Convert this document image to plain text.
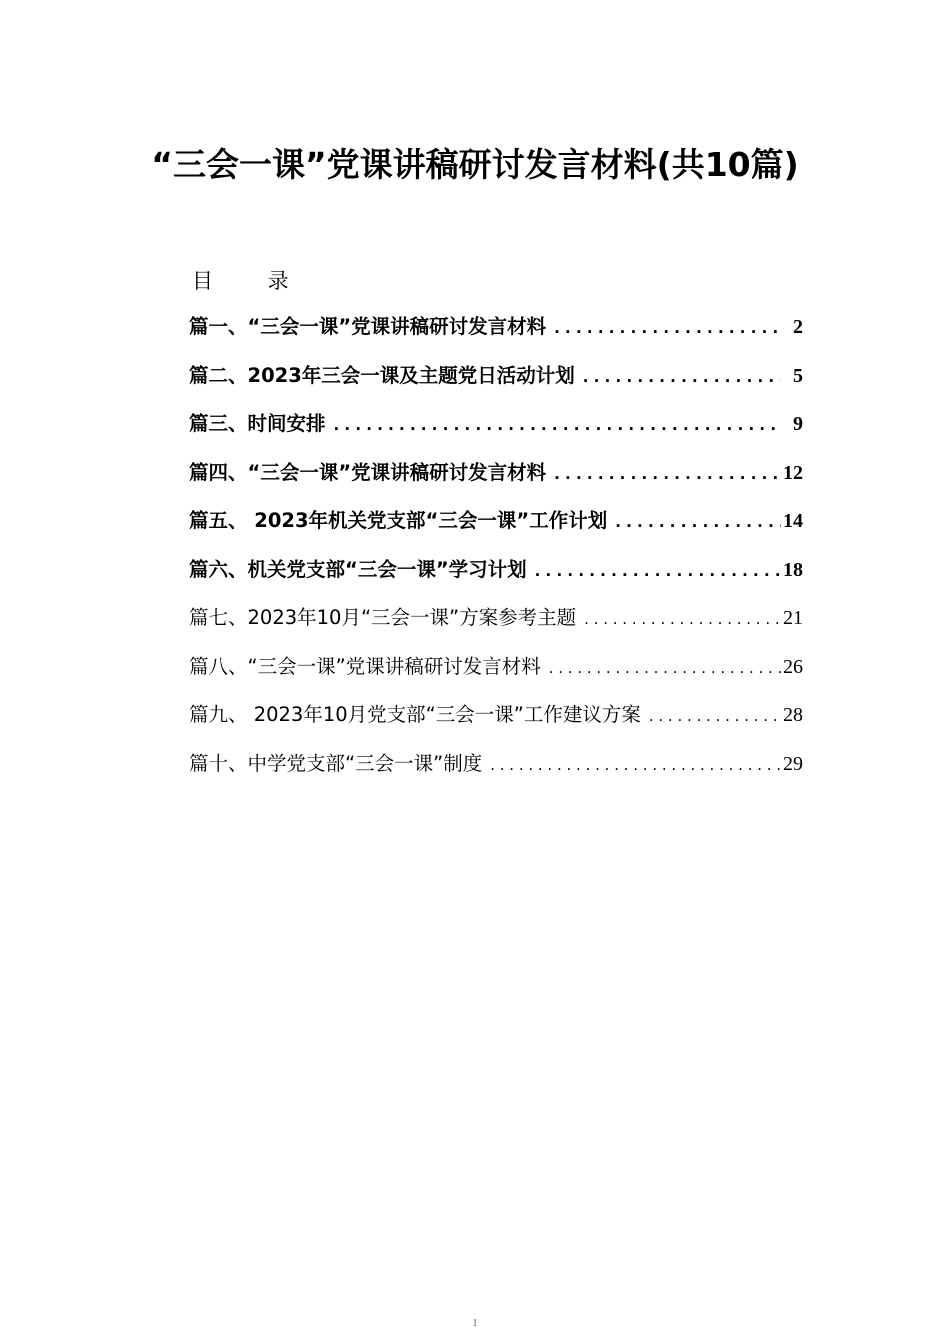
“三会一课”党课讲稿研讨发言材料(共10篇)
目 录
篇一、“三会一课”党课讲稿研讨发言材料 . . .	2
篇二、2023年三会一课及主题党日活动计划 . . .	5
篇三、时间安排 . . .	9
篇四、“三会一课”党课讲稿研讨发言材料 . . .	12
篇五、 2023年机关党支部“三会一课”工作计划 . . .	14
篇六、机关党支部“三会一课”学习计划 . . .	18
篇七、2023年10月“三会一课”方案参考主题 . . .	21
篇八、“三会一课”党课讲稿研讨发言材料 . . .	26
篇九、 2023年10月党支部“三会一课”工作建议方案 . . .	28
篇十、中学党支部“三会一课”制度 . . .	29
1
